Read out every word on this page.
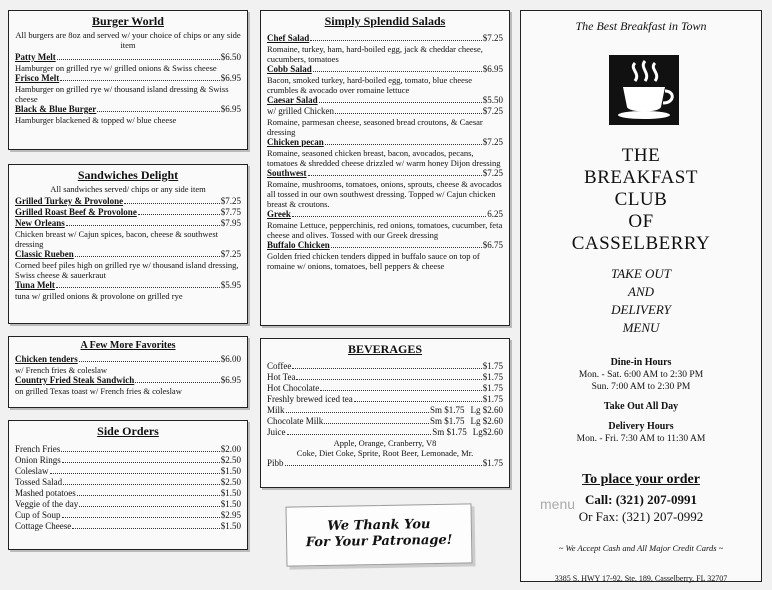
Burger World
All burgers are 8oz and served w/ your choice of chips or any side item
Patty Melt	$6.50
Hamburger on grilled rye w/ grilled onions & Swiss cheese
Frisco Melt	$6.95
Hamburger on grilled rye w/ thousand island dressing & Swiss cheese
Black & Blue Burger	$6.95
Hamburger blackened & topped w/ blue cheese
Sandwiches Delight
All sandwiches served/ chips or any side item
Grilled Turkey & Provolone	$7.25
Grilled Roast Beef & Provolone	$7.75
New Orleans	$7.95
Chicken breast w/ Cajun spices, bacon, cheese & southwest dressing
Classic Rueben	$7.25
Corned beef piles high on grilled rye w/ thousand island dressing, Swiss cheese & sauerkraut
Tuna Melt	$5.95
tuna w/ grilled onions & provolone on grilled rye
A Few More Favorites
Chicken tenders	$6.00
w/ French fries & coleslaw
Country Fried Steak Sandwich	$6.95
on grilled Texas toast w/ French fries & coleslaw
Side Orders
French Fries	$2.00
Onion Rings	$2.50
Coleslaw	$1.50
Tossed Salad	$2.50
Mashed potatoes	$1.50
Veggie of the day	$1.50
Cup of Soup	$2.95
Cottage Cheese	$1.50
Simply Splendid Salads
Chef Salad	$7.25
Romaine, turkey, ham, hard-boiled egg, jack & cheddar cheese, cucumbers, tomatoes
Cobb Salad	$6.95
Bacon, smoked turkey, hard-boiled egg, tomato, blue cheese crumbles & avocado over romaine lettuce
Caesar Salad	$5.50
w/ grilled Chicken	$7.25
Romaine, parmesan cheese, seasoned bread croutons, & Caesar dressing
Chicken pecan	$7.25
Romaine, seasoned chicken breast, bacon, avocados, pecans, tomatoes & shredded cheese drizzled w/ warm honey Dijon dressing
Southwest	$7.25
Romaine, mushrooms, tomatoes, onions, sprouts, cheese & avocados all tossed in our own southwest dressing. Topped w/ Cajun chicken breast & croutons.
Greek	6.25
Romaine Lettuce, pepperchinis, red onions, tomatoes, cucumber, feta cheese and olives. Tossed with our Greek dressing
Buffalo Chicken	$6.75
Golden fried chicken tenders dipped in buffalo sauce on top of romaine w/ onions, tomatoes, bell peppers & cheese
BEVERAGES
Coffee	$1.75
Hot Tea	$1.75
Hot Chocolate	$1.75
Freshly brewed iced tea	$1.75
Milk	Sm $1.75 Lg $2.60
Chocolate Milk	Sm $1.75 Lg $2.60
Juice	Sm $1.75 Lg$2.60
Apple, Orange, Cranberry, V8
Coke, Diet Coke, Sprite, Root Beer, Lemonade, Mr.
Pibb	$1.75
We Thank You
For Your Patronage!
The Best Breakfast in Town
THE
BREAKFAST
CLUB
OF
CASSELBERRY
TAKE OUT
AND
DELIVERY
MENU
Dine-in Hours
Mon. - Sat. 6:00 AM to 2:30 PM
Sun. 7:00 AM to 2:30 PM
Take Out All Day
Delivery Hours
Mon. - Fri. 7:30 AM to 11:30 AM
To place your order
Call: (321) 207-0991
Or Fax: (321) 207-0992
~ We Accept Cash and All Major Credit Cards ~
3385 S. HWY 17-92, Ste. 189, Casselberry, FL 32707
menu
